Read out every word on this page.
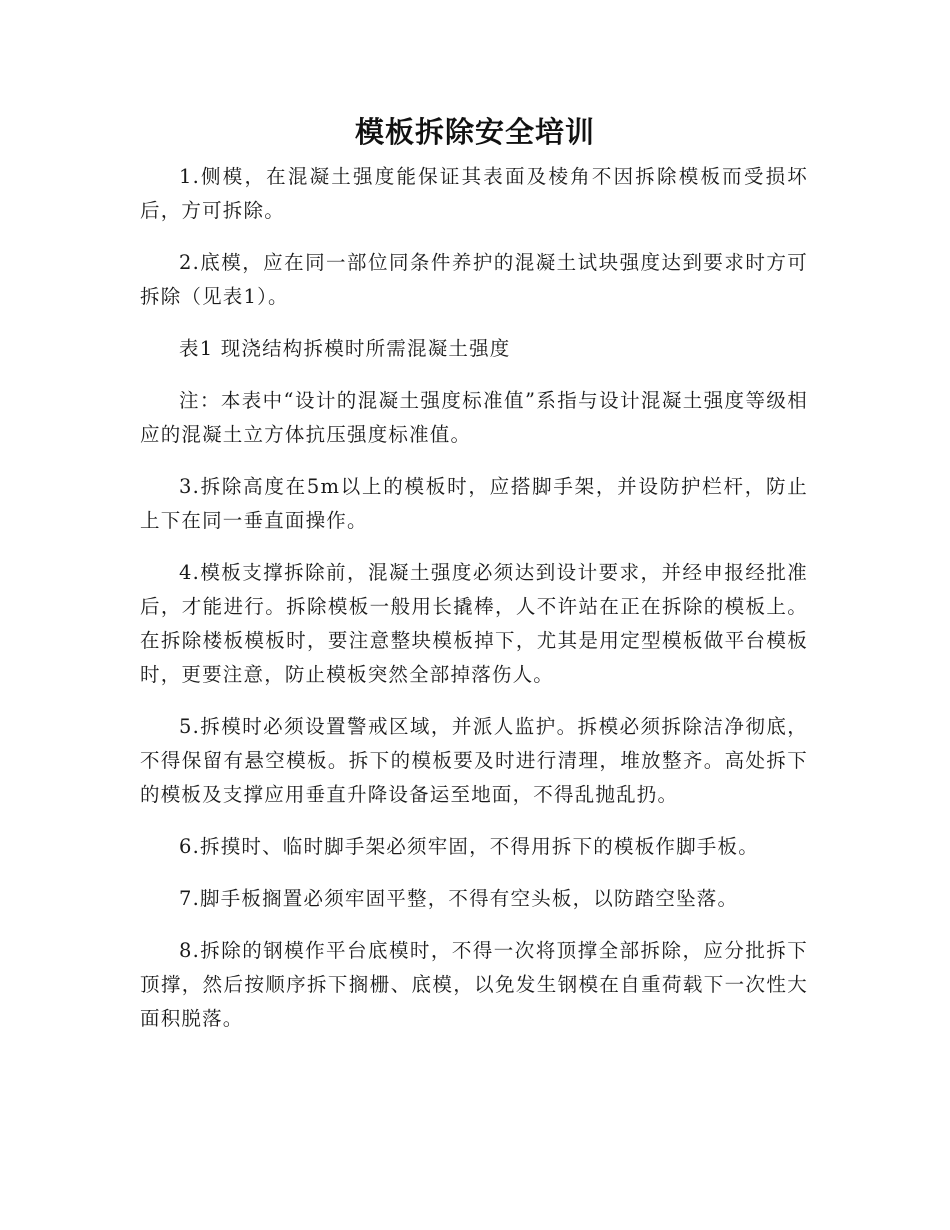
模板拆除安全培训

1.侧模，在混凝土强度能保证其表面及棱角不因拆除模板而受损坏后，方可拆除。

2.底模，应在同一部位同条件养护的混凝土试块强度达到要求时方可拆除（见表1）。

表1 现浇结构拆模时所需混凝土强度

注：本表中“设计的混凝土强度标准值”系指与设计混凝土强度等级相应的混凝土立方体抗压强度标准值。

3.拆除高度在5m以上的模板时，应搭脚手架，并设防护栏杆，防止上下在同一垂直面操作。

4.模板支撑拆除前，混凝土强度必须达到设计要求，并经申报经批准后，才能进行。拆除模板一般用长撬棒，人不许站在正在拆除的模板上。在拆除楼板模板时，要注意整块模板掉下，尤其是用定型模板做平台模板时，更要注意，防止模板突然全部掉落伤人。

5.拆模时必须设置警戒区域，并派人监护。拆模必须拆除洁净彻底，不得保留有悬空模板。拆下的模板要及时进行清理，堆放整齐。高处拆下的模板及支撑应用垂直升降设备运至地面，不得乱抛乱扔。

6.拆摸时、临时脚手架必须牢固，不得用拆下的模板作脚手板。

7.脚手板搁置必须牢固平整，不得有空头板，以防踏空坠落。

8.拆除的钢模作平台底模时，不得一次将顶撑全部拆除，应分批拆下顶撑，然后按顺序拆下搁栅、底模，以免发生钢模在自重荷载下一次性大面积脱落。
